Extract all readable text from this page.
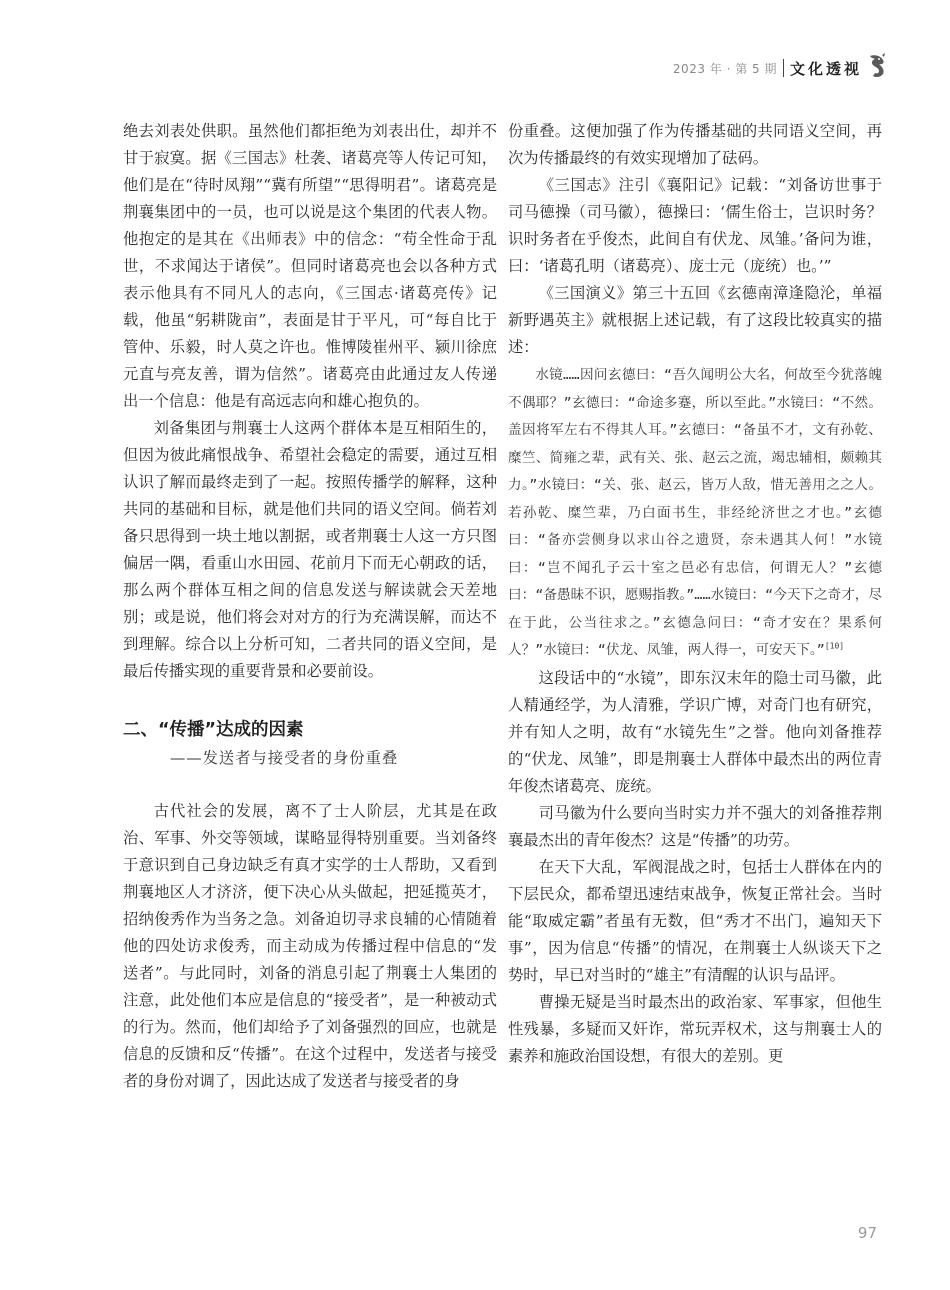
2023 年 · 第 5 期 文化透视

绝去刘表处供职。虽然他们都拒绝为刘表出仕，却并不甘于寂寞。据《三国志》杜袭、诸葛亮等人传记可知，他们是在“待时凤翔”“冀有所望”“思得明君”。诸葛亮是荆襄集团中的一员，也可以说是这个集团的代表人物。他抱定的是其在《出师表》中的信念：“苟全性命于乱世，不求闻达于诸侯”。但同时诸葛亮也会以各种方式表示他具有不同凡人的志向，《三国志·诸葛亮传》记载，他虽“躬耕陇亩”，表面是甘于平凡，可“每自比于管仲、乐毅，时人莫之许也。惟博陵崔州平、颍川徐庶元直与亮友善，谓为信然”。诸葛亮由此通过友人传递出一个信息：他是有高远志向和雄心抱负的。

刘备集团与荆襄士人这两个群体本是互相陌生的，但因为彼此痛恨战争、希望社会稳定的需要，通过互相认识了解而最终走到了一起。按照传播学的解释，这种共同的基础和目标，就是他们共同的语义空间。倘若刘备只思得到一块土地以割据，或者荆襄士人这一方只图偏居一隅，看重山水田园、花前月下而无心朝政的话，那么两个群体互相之间的信息发送与解读就会天差地别；或是说，他们将会对对方的行为充满误解，而达不到理解。综合以上分析可知，二者共同的语义空间，是最后传播实现的重要背景和必要前设。

二、“传播”达成的因素

——发送者与接受者的身份重叠

古代社会的发展，离不了士人阶层，尤其是在政治、军事、外交等领域，谋略显得特别重要。当刘备终于意识到自己身边缺乏有真才实学的士人帮助，又看到荆襄地区人才济济，便下决心从头做起，把延揽英才，招纳俊秀作为当务之急。刘备迫切寻求良辅的心情随着他的四处访求俊秀，而主动成为传播过程中信息的“发送者”。与此同时，刘备的消息引起了荆襄士人集团的注意，此处他们本应是信息的“接受者”，是一种被动式的行为。然而，他们却给予了刘备强烈的回应，也就是信息的反馈和反“传播”。在这个过程中，发送者与接受者的身份对调了，因此达成了发送者与接受者的身

份重叠。这便加强了作为传播基础的共同语义空间，再次为传播最终的有效实现增加了砝码。

《三国志》注引《襄阳记》记载：“刘备访世事于司马德操（司马徽），德操曰：‘儒生俗士，岂识时务？识时务者在乎俊杰，此间自有伏龙、凤雏。’备问为谁，曰：‘诸葛孔明（诸葛亮）、庞士元（庞统）也。’”

《三国演义》第三十五回《玄德南漳逢隐沦，单福新野遇英主》就根据上述记载，有了这段比较真实的描述：

水镜……因问玄德曰：“吾久闻明公大名，何故至今犹落魄不偶耶？”玄德曰：“命途多蹇，所以至此。”水镜曰：“不然。盖因将军左右不得其人耳。”玄德曰：“备虽不才，文有孙乾、糜竺、简雍之辈，武有关、张、赵云之流，竭忠辅相，颇赖其力。”水镜曰：“关、张、赵云，皆万人敌，惜无善用之之人。若孙乾、糜竺辈，乃白面书生，非经纶济世之才也。”玄德曰：“备亦尝侧身以求山谷之遗贤，奈未遇其人何！”水镜曰：“岂不闻孔子云十室之邑必有忠信，何谓无人？”玄德曰：“备愚昧不识，愿赐指教。”……水镜曰：“今天下之奇才，尽在于此，公当往求之。”玄德急问曰：“奇才安在？果系何人？”水镜曰：“伏龙、凤雏，两人得一，可安天下。”[10]

这段话中的“水镜”，即东汉末年的隐士司马徽，此人精通经学，为人清雅，学识广博，对奇门也有研究，并有知人之明，故有“水镜先生”之誉。他向刘备推荐的“伏龙、凤雏”，即是荆襄士人群体中最杰出的两位青年俊杰诸葛亮、庞统。

司马徽为什么要向当时实力并不强大的刘备推荐荆襄最杰出的青年俊杰？这是“传播”的功劳。

在天下大乱，军阀混战之时，包括士人群体在内的下层民众，都希望迅速结束战争，恢复正常社会。当时能“取威定霸”者虽有无数，但“秀才不出门，遍知天下事”，因为信息“传播”的情况，在荆襄士人纵谈天下之势时，早已对当时的“雄主”有清醒的认识与品评。

曹操无疑是当时最杰出的政治家、军事家，但他生性残暴，多疑而又奸诈，常玩弄权术，这与荆襄士人的素养和施政治国设想，有很大的差别。更

97
